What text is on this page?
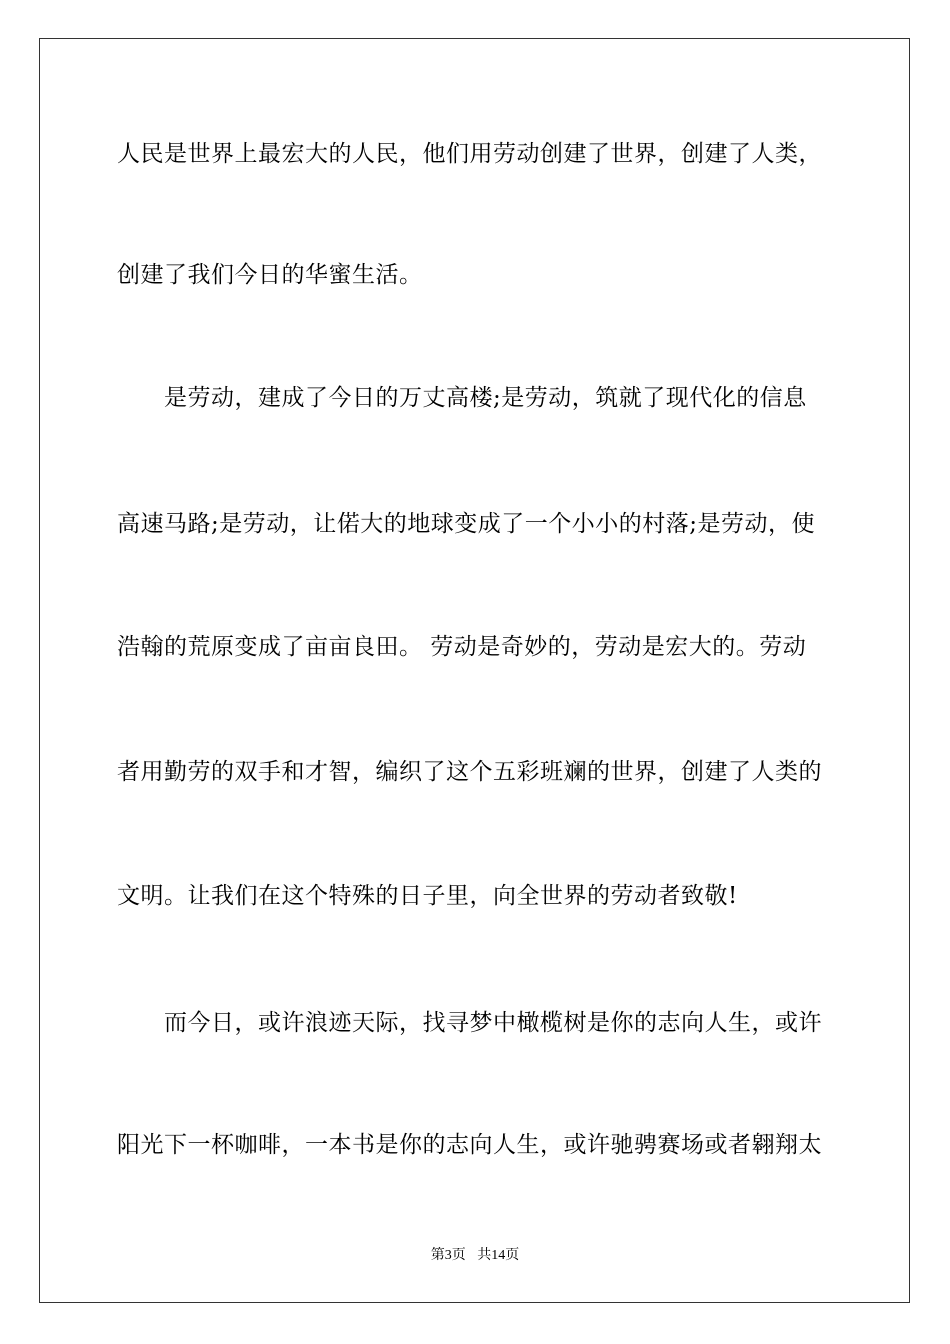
人民是世界上最宏大的人民，他们用劳动创建了世界，创建了人类，
创建了我们今日的华蜜生活。
　　是劳动，建成了今日的万丈高楼;是劳动，筑就了现代化的信息
高速马路;是劳动，让偌大的地球变成了一个小小的村落;是劳动，使
浩翰的荒原变成了亩亩良田。 劳动是奇妙的，劳动是宏大的。劳动
者用勤劳的双手和才智，编织了这个五彩班斓的世界，创建了人类的
文明。让我们在这个特殊的日子里，向全世界的劳动者致敬!
　　而今日，或许浪迹天际，找寻梦中橄榄树是你的志向人生，或许
阳光下一杯咖啡，一本书是你的志向人生，或许驰骋赛场或者翱翔太
第3页 共14页
